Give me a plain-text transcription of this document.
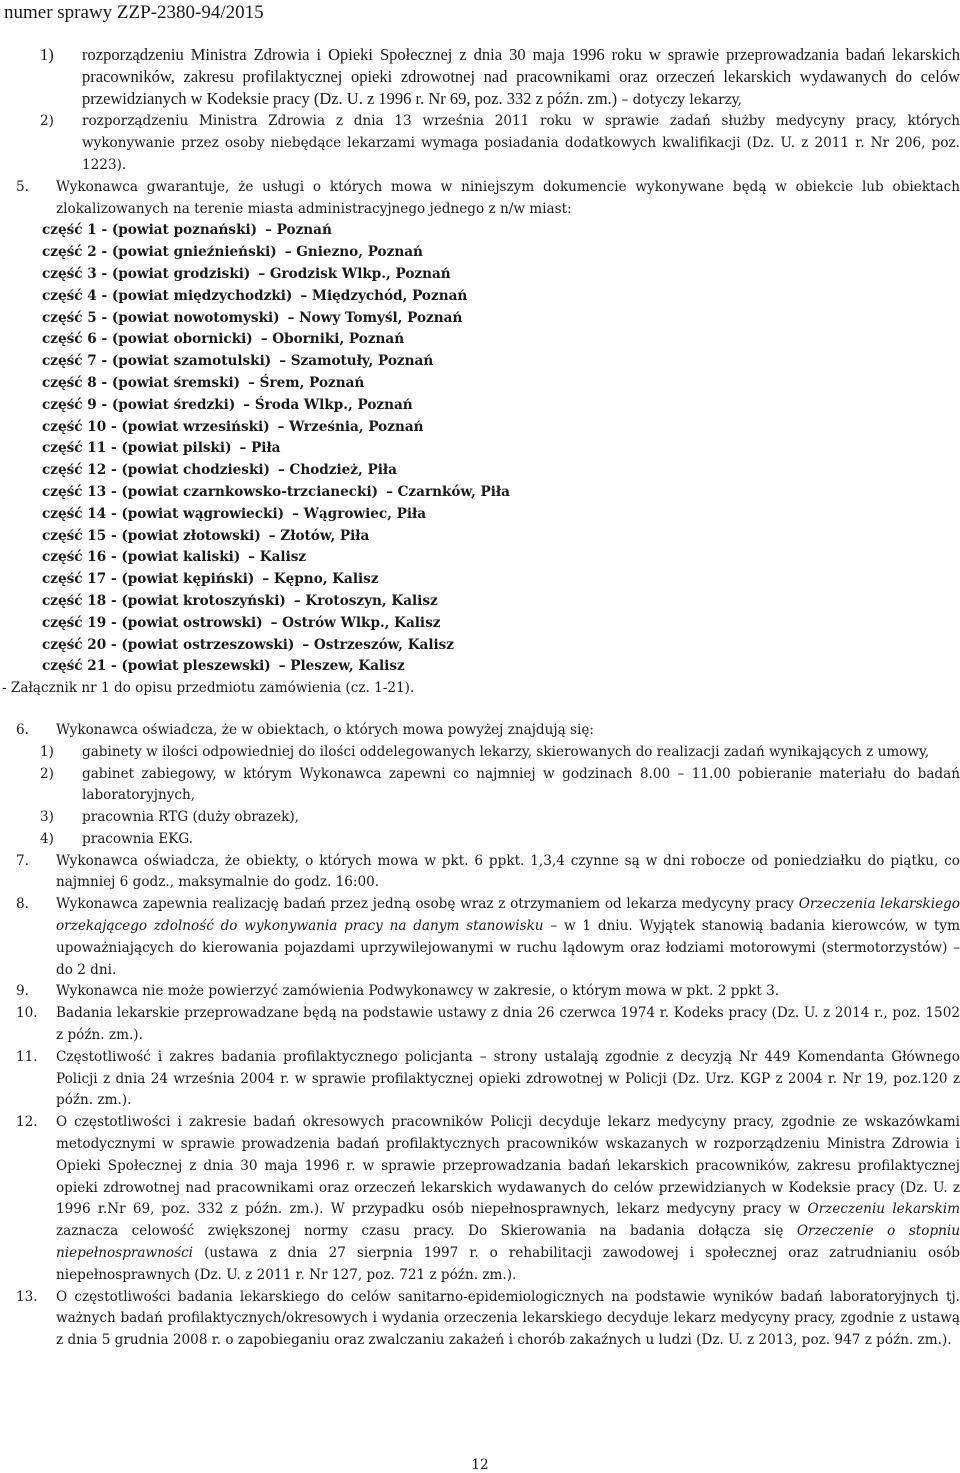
numer sprawy ZZP-2380-94/2015
1) rozporządzeniu Ministra Zdrowia i Opieki Społecznej z dnia 30 maja 1996 roku w sprawie przeprowadzania badań lekarskich pracowników, zakresu profilaktycznej opieki zdrowotnej nad pracownikami oraz orzeczeń lekarskich wydawanych do celów przewidzianych w Kodeksie pracy (Dz. U. z 1996 r. Nr 69, poz. 332 z późn. zm.) – dotyczy lekarzy,
2) rozporządzeniu Ministra Zdrowia z dnia 13 września 2011 roku w sprawie zadań służby medycyny pracy, których wykonywanie przez osoby niebędące lekarzami wymaga posiadania dodatkowych kwalifikacji (Dz. U. z 2011 r. Nr 206, poz. 1223).
5. Wykonawca gwarantuje, że usługi o których mowa w niniejszym dokumencie wykonywane będą w obiekcie lub obiektach zlokalizowanych na terenie miasta administracyjnego jednego z n/w miast:
część 1 - (powiat poznański) – Poznań
część 2 - (powiat gnieźnieński) – Gniezno, Poznań
część 3 - (powiat grodziski) – Grodzisk Wlkp., Poznań
część 4 - (powiat międzychodzki) – Międzychód, Poznań
część 5 - (powiat nowotomyski) – Nowy Tomyśl, Poznań
część 6 - (powiat obornicki) – Oborniki, Poznań
część 7 - (powiat szamotulski) – Szamotuły, Poznań
część 8 - (powiat śremski) – Śrem, Poznań
część 9 - (powiat średzki) – Środa Wlkp., Poznań
część 10 - (powiat wrzesiński) – Września, Poznań
część 11 - (powiat pilski) – Piła
część 12 - (powiat chodzieski) – Chodzież, Piła
część 13 - (powiat czarnkowsko-trzcianecki) – Czarnków, Piła
część 14 - (powiat wągrowiecki) – Wągrowiec, Piła
część 15 - (powiat złotowski) – Złotów, Piła
część 16 - (powiat kaliski) – Kalisz
część 17 - (powiat kępiński) – Kępno, Kalisz
część 18 - (powiat krotoszyński) – Krotoszyn, Kalisz
część 19 - (powiat ostrowski) – Ostrów Wlkp., Kalisz
część 20 - (powiat ostrzeszowski) – Ostrzeszów, Kalisz
część 21 - (powiat pleszewski) – Pleszew, Kalisz
- Załącznik nr 1 do opisu przedmiotu zamówienia (cz. 1-21).
6. Wykonawca oświadcza, że w obiektach, o których mowa powyżej znajdują się:
1) gabinety w ilości odpowiedniej do ilości oddelegowanych lekarzy, skierowanych do realizacji zadań wynikających z umowy,
2) gabinet zabiegowy, w którym Wykonawca zapewni co najmniej w godzinach 8.00 – 11.00 pobieranie materiału do badań laboratoryjnych,
3) pracownia RTG (duży obrazek),
4) pracownia EKG.
7. Wykonawca oświadcza, że obiekty, o których mowa w pkt. 6 ppkt. 1,3,4 czynne są w dni robocze od poniedziałku do piątku, co najmniej 6 godz., maksymalnie do godz. 16:00.
8. Wykonawca zapewnia realizację badań przez jedną osobę wraz z otrzymaniem od lekarza medycyny pracy Orzeczenia lekarskiego orzekającego zdolność do wykonywania pracy na danym stanowisku – w 1 dniu. Wyjątek stanowią badania kierowców, w tym upoważniających do kierowania pojazdami uprzywilejowanymi w ruchu lądowym oraz łodziami motorowymi (stermotorzystów) – do 2 dni.
9. Wykonawca nie może powierzyć zamówienia Podwykonawcy w zakresie, o którym mowa w pkt. 2 ppkt 3.
10. Badania lekarskie przeprowadzane będą na podstawie ustawy z dnia 26 czerwca 1974 r. Kodeks pracy (Dz. U. z 2014 r., poz. 1502 z późn. zm.).
11. Częstotliwość i zakres badania profilaktycznego policjanta – strony ustalają zgodnie z decyzją Nr 449 Komendanta Głównego Policji z dnia 24 września 2004 r. w sprawie profilaktycznej opieki zdrowotnej w Policji (Dz. Urz. KGP z 2004 r. Nr 19, poz.120 z późn. zm.).
12. O częstotliwości i zakresie badań okresowych pracowników Policji decyduje lekarz medycyny pracy, zgodnie ze wskazówkami metodycznymi w sprawie prowadzenia badań profilaktycznych pracowników wskazanych w rozporządzeniu Ministra Zdrowia i Opieki Społecznej z dnia 30 maja 1996 r. w sprawie przeprowadzania badań lekarskich pracowników, zakresu profilaktycznej opieki zdrowotnej nad pracownikami oraz orzeczeń lekarskich wydawanych do celów przewidzianych w Kodeksie pracy (Dz. U. z 1996 r.Nr 69, poz. 332 z późn. zm.). W przypadku osób niepełnosprawnych, lekarz medycyny pracy w Orzeczeniu lekarskim zaznacza celowość zwiększonej normy czasu pracy. Do Skierowania na badania dołącza się Orzeczenie o stopniu niepełnosprawności (ustawa z dnia 27 sierpnia 1997 r. o rehabilitacji zawodowej i społecznej oraz zatrudnianiu osób niepełnosprawnych (Dz. U. z 2011 r. Nr 127, poz. 721 z późn. zm.).
13. O częstotliwości badania lekarskiego do celów sanitarno-epidemiologicznych na podstawie wyników badań laboratoryjnych tj. ważnych badań profilaktycznych/okresowych i wydania orzeczenia lekarskiego decyduje lekarz medycyny pracy, zgodnie z ustawą z dnia 5 grudnia 2008 r. o zapobieganiu oraz zwalczaniu zakażeń i chorób zakaźnych u ludzi (Dz. U. z 2013, poz. 947 z późn. zm.).
12
